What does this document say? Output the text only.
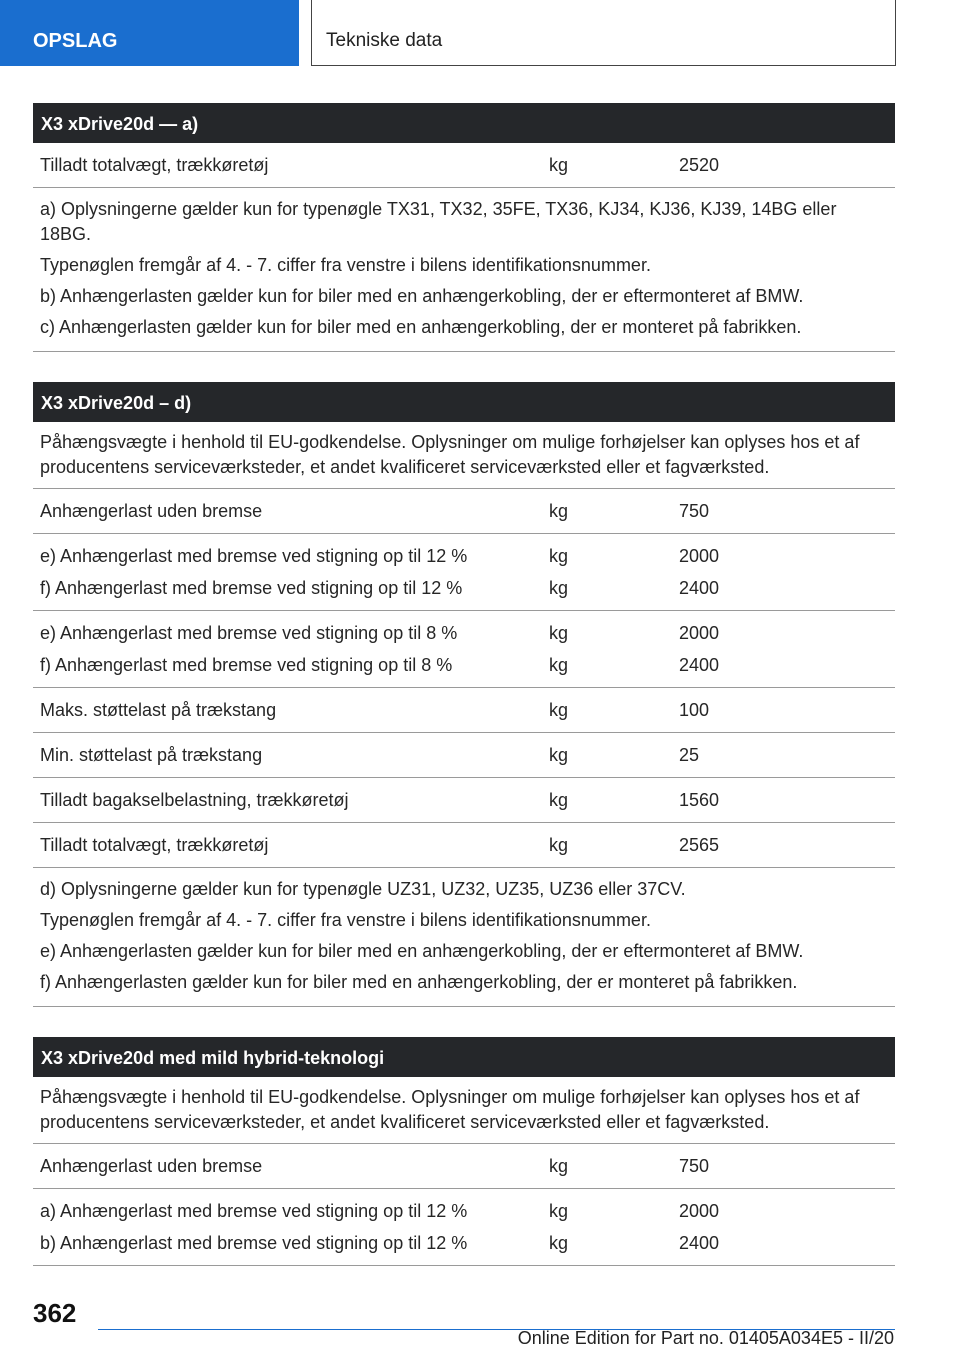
OPSLAG	Tekniske data
X3 xDrive20d — a)
Tilladt totalvægt, trækkøretøj	kg	2520
a) Oplysningerne gælder kun for typenøgle TX31, TX32, 35FE, TX36, KJ34, KJ36, KJ39, 14BG eller 18BG.
Typenøglen fremgår af 4. - 7. ciffer fra venstre i bilens identifikationsnummer.
b) Anhængerlasten gælder kun for biler med en anhængerkobling, der er eftermonteret af BMW.
c) Anhængerlasten gælder kun for biler med en anhængerkobling, der er monteret på fabrikken.
X3 xDrive20d – d)
Påhængsvægte i henhold til EU-godkendelse. Oplysninger om mulige forhøjelser kan oplyses hos et af producentens serviceværksteder, et andet kvalificeret serviceværksted eller et fagværksted.
Anhængerlast uden bremse	kg	750
e) Anhængerlast med bremse ved stigning op til 12 %	kg	2000
f) Anhængerlast med bremse ved stigning op til 12 %	kg	2400
e) Anhængerlast med bremse ved stigning op til 8 %	kg	2000
f) Anhængerlast med bremse ved stigning op til 8 %	kg	2400
Maks. støttelast på trækstang	kg	100
Min. støttelast på trækstang	kg	25
Tilladt bagakselbelastning, trækkøretøj	kg	1560
Tilladt totalvægt, trækkøretøj	kg	2565
d) Oplysningerne gælder kun for typenøgle UZ31, UZ32, UZ35, UZ36 eller 37CV.
Typenøglen fremgår af 4. - 7. ciffer fra venstre i bilens identifikationsnummer.
e) Anhængerlasten gælder kun for biler med en anhængerkobling, der er eftermonteret af BMW.
f) Anhængerlasten gælder kun for biler med en anhængerkobling, der er monteret på fabrikken.
X3 xDrive20d med mild hybrid-teknologi
Påhængsvægte i henhold til EU-godkendelse. Oplysninger om mulige forhøjelser kan oplyses hos et af producentens serviceværksteder, et andet kvalificeret serviceværksted eller et fagværksted.
Anhængerlast uden bremse	kg	750
a) Anhængerlast med bremse ved stigning op til 12 %	kg	2000
b) Anhængerlast med bremse ved stigning op til 12 %	kg	2400
362
Online Edition for Part no. 01405A034E5 - II/20
